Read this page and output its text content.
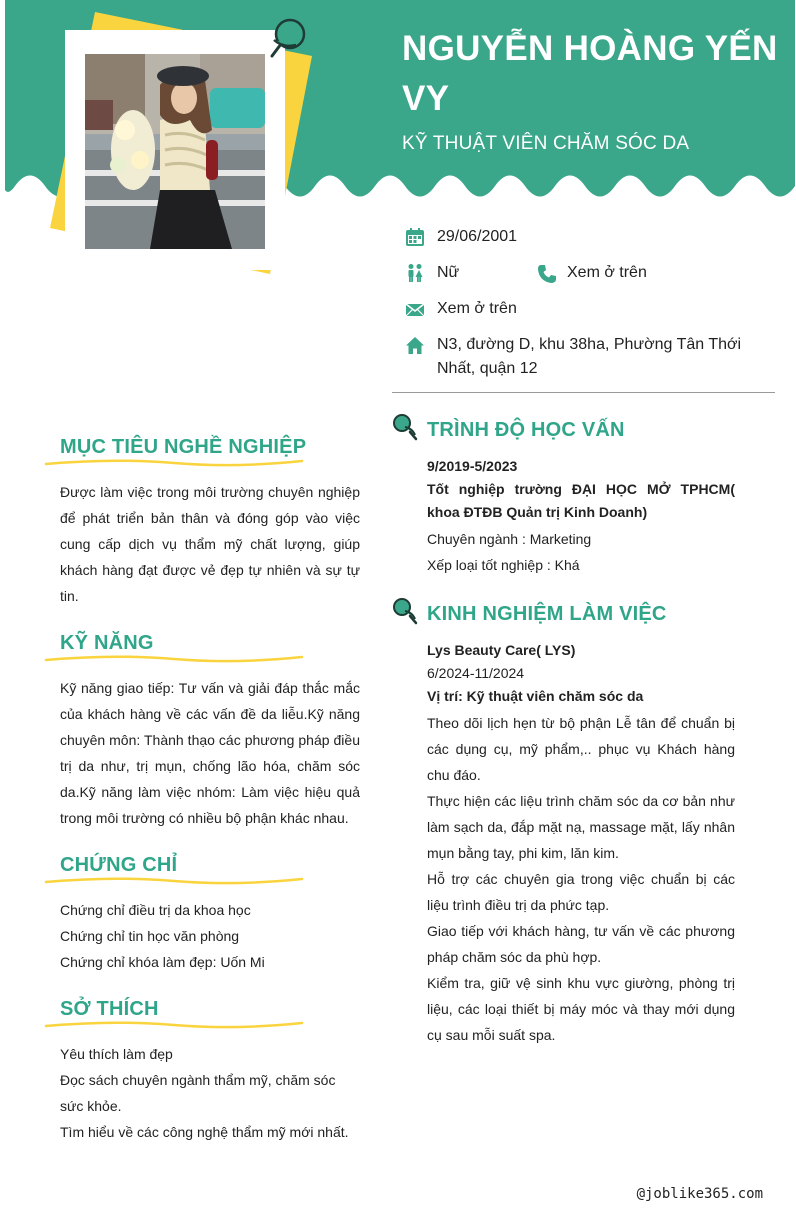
NGUYỄN HOÀNG YẾN VY
KỸ THUẬT VIÊN CHĂM SÓC DA
29/06/2001
Nữ	Xem ở trên
Xem ở trên
N3, đường D, khu 38ha, Phường Tân Thới Nhất, quận 12
MỤC TIÊU NGHỀ NGHIỆP

Được làm việc trong môi trường chuyên nghiệp để phát triển bản thân và đóng góp vào việc cung cấp dịch vụ thẩm mỹ chất lượng, giúp khách hàng đạt được vẻ đẹp tự nhiên và sự tự tin.

KỸ NĂNG

Kỹ năng giao tiếp: Tư vấn và giải đáp thắc mắc của khách hàng về các vấn đề da liễu.Kỹ năng chuyên môn: Thành thạo các phương pháp điều trị da như, trị mụn, chống lão hóa, chăm sóc da.Kỹ năng làm việc nhóm: Làm việc hiệu quả trong môi trường có nhiều bộ phận khác nhau.

CHỨNG CHỈ
Chứng chỉ điều trị da khoa học
Chứng chỉ tin học văn phòng
Chứng chỉ khóa làm đẹp: Uốn Mi
SỞ THÍCH
Yêu thích làm đẹp
Đọc sách chuyên ngành thẩm mỹ, chăm sóc sức khỏe.
Tìm hiểu về các công nghệ thẩm mỹ mới nhất.
TRÌNH ĐỘ HỌC VẤN

9/2019-5/2023

Tốt nghiệp trường ĐẠI HỌC MỞ TPHCM( khoa ĐTĐB Quản trị Kinh Doanh)

Chuyên ngành : Marketing

Xếp loại tốt nghiệp : Khá

KINH NGHIỆM LÀM VIỆC

Lys Beauty Care( LYS)

6/2024-11/2024

Vị trí: Kỹ thuật viên chăm sóc da

Theo dõi lịch hẹn từ bộ phận Lễ tân để chuẩn bị các dụng cụ, mỹ phẩm,.. phục vụ Khách hàng chu đáo.

Thực hiện các liệu trình chăm sóc da cơ bản như làm sạch da, đắp mặt nạ, massage mặt, lấy nhân mụn bằng tay, phi kim, lăn kim.

Hỗ trợ các chuyên gia trong việc chuẩn bị các liệu trình điều trị da phức tạp.

Giao tiếp với khách hàng, tư vấn về các phương pháp chăm sóc da phù hợp.

Kiểm tra, giữ vệ sinh khu vực giường, phòng trị liệu, các loại thiết bị máy móc và thay mới dụng cụ sau mỗi suất spa.

@joblike365.com
